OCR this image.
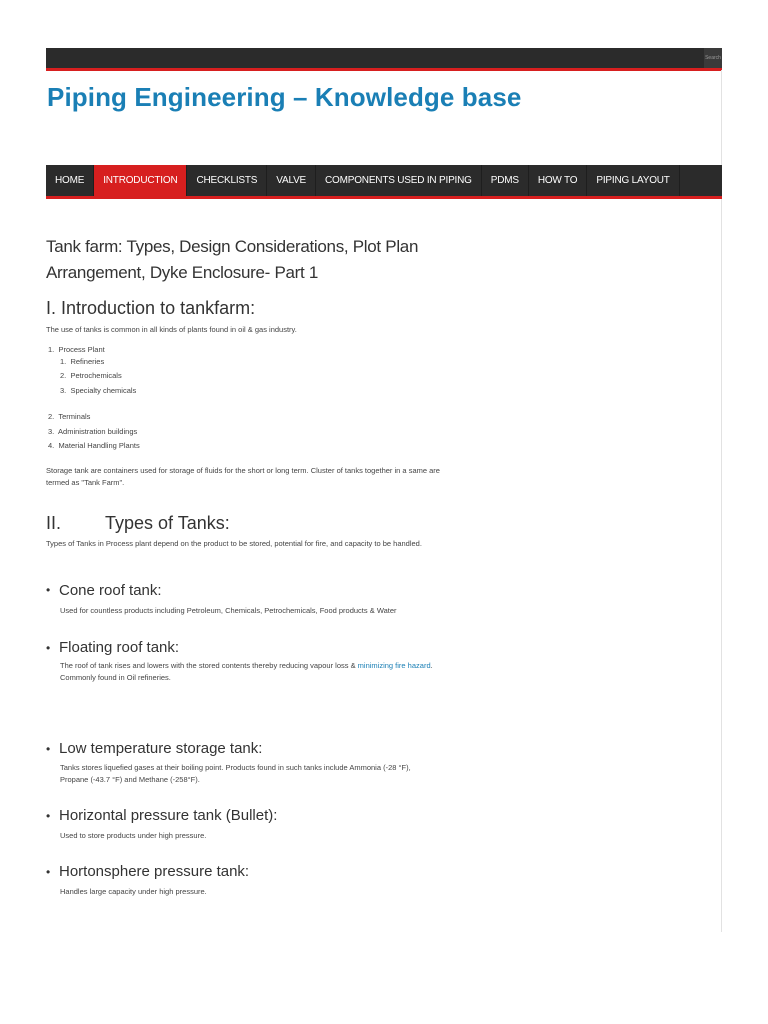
Search
Piping Engineering – Knowledge base
HOME	INTRODUCTION	CHECKLISTS	VALVE	COMPONENTS USED IN PIPING	PDMS	HOW TO	PIPING LAYOUT
Tank farm: Types, Design Considerations, Plot Plan Arrangement, Dyke Enclosure- Part 1
I. Introduction to tankfarm:
The use of tanks is common in all kinds of plants found in oil & gas industry.
1. Process Plant
1. Refineries
2. Petrochemicals
3. Specialty chemicals
2. Terminals
3. Administration buildings
4. Material Handling Plants
Storage tank are containers used for storage of fluids for the short or long term. Cluster of tanks together in a same are termed as "Tank Farm".
II. Types of Tanks:
Types of Tanks in Process plant depend on the product to be stored, potential for fire, and capacity to be handled.
• Cone roof tank:
Used for countless products including Petroleum, Chemicals, Petrochemicals, Food products & Water
• Floating roof tank:
The roof of tank rises and lowers with the stored contents thereby reducing vapour loss & minimizing fire hazard. Commonly found in Oil refineries.
• Low temperature storage tank:
Tanks stores liquefied gases at their boiling point. Products found in such tanks include Ammonia (-28 °F), Propane (-43.7 °F) and Methane (-258°F).
• Horizontal pressure tank (Bullet):
Used to store products under high pressure.
• Hortonsphere pressure tank:
Handles large capacity under high pressure.
